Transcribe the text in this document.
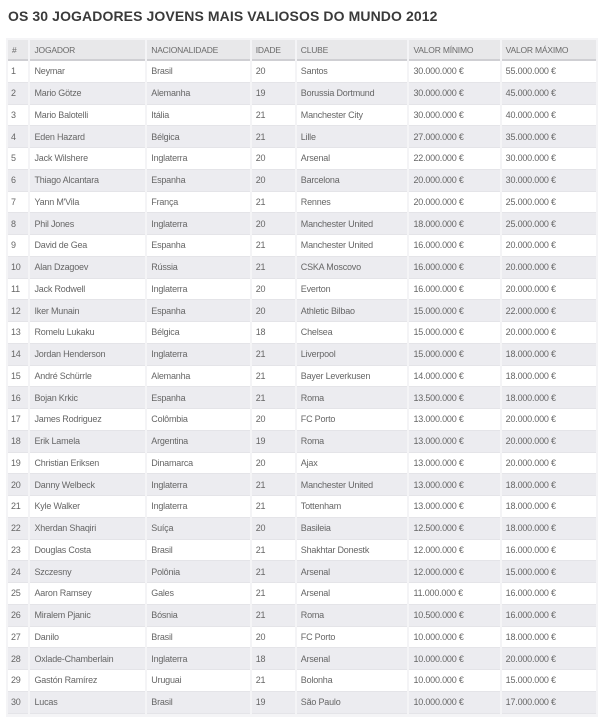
OS 30 JOGADORES JOVENS MAIS VALIOSOS DO MUNDO 2012
#	JOGADOR	NACIONALIDADE	IDADE	CLUBE	VALOR MÍNIMO	VALOR MÁXIMO
1	Neymar	Brasil	20	Santos	30.000.000 €	55.000.000 €
2	Mario Götze	Alemanha	19	Borussia Dortmund	30.000.000 €	45.000.000 €
3	Mario Balotelli	Itália	21	Manchester City	30.000.000 €	40.000.000 €
4	Eden Hazard	Bélgica	21	Lille	27.000.000 €	35.000.000 €
5	Jack Wilshere	Inglaterra	20	Arsenal	22.000.000 €	30.000.000 €
6	Thiago Alcantara	Espanha	20	Barcelona	20.000.000 €	30.000.000 €
7	Yann M'Vila	França	21	Rennes	20.000.000 €	25.000.000 €
8	Phil Jones	Inglaterra	20	Manchester United	18.000.000 €	25.000.000 €
9	David de Gea	Espanha	21	Manchester United	16.000.000 €	20.000.000 €
10	Alan Dzagoev	Rússia	21	CSKA Moscovo	16.000.000 €	20.000.000 €
11	Jack Rodwell	Inglaterra	20	Everton	16.000.000 €	20.000.000 €
12	Iker Munain	Espanha	20	Athletic Bilbao	15.000.000 €	22.000.000 €
13	Romelu Lukaku	Bélgica	18	Chelsea	15.000.000 €	20.000.000 €
14	Jordan Henderson	Inglaterra	21	Liverpool	15.000.000 €	18.000.000 €
15	André Schürrle	Alemanha	21	Bayer Leverkusen	14.000.000 €	18.000.000 €
16	Bojan Krkic	Espanha	21	Roma	13.500.000 €	18.000.000 €
17	James Rodriguez	Colômbia	20	FC Porto	13.000.000 €	20.000.000 €
18	Erik Lamela	Argentina	19	Roma	13.000.000 €	20.000.000 €
19	Christian Eriksen	Dinamarca	20	Ajax	13.000.000 €	20.000.000 €
20	Danny Welbeck	Inglaterra	21	Manchester United	13.000.000 €	18.000.000 €
21	Kyle Walker	Inglaterra	21	Tottenham	13.000.000 €	18.000.000 €
22	Xherdan Shaqiri	Suíça	20	Basileia	12.500.000 €	18.000.000 €
23	Douglas Costa	Brasil	21	Shakhtar Donestk	12.000.000 €	16.000.000 €
24	Szczesny	Polônia	21	Arsenal	12.000.000 €	15.000.000 €
25	Aaron Ramsey	Gales	21	Arsenal	11.000.000 €	16.000.000 €
26	Miralem Pjanic	Bósnia	21	Roma	10.500.000 €	16.000.000 €
27	Danilo	Brasil	20	FC Porto	10.000.000 €	18.000.000 €
28	Oxlade-Chamberlain	Inglaterra	18	Arsenal	10.000.000 €	20.000.000 €
29	Gastón Ramírez	Uruguai	21	Bolonha	10.000.000 €	15.000.000 €
30	Lucas	Brasil	19	São Paulo	10.000.000 €	17.000.000 €
